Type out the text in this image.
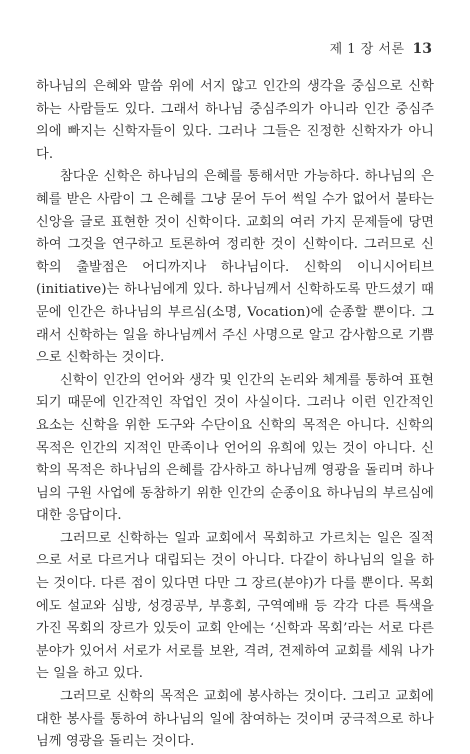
제 1 장 서론 13

하나님의 은혜와 말씀 위에 서지 않고 인간의 생각을 중심으로 신학하는 사람들도 있다. 그래서 하나님 중심주의가 아니라 인간 중심주의에 빠지는 신학자들이 있다. 그러나 그들은 진정한 신학자가 아니다.

참다운 신학은 하나님의 은혜를 통해서만 가능하다. 하나님의 은혜를 받은 사람이 그 은혜를 그냥 묻어 두어 썩일 수가 없어서 불타는 신앙을 글로 표현한 것이 신학이다. 교회의 여러 가지 문제들에 당면하여 그것을 연구하고 토론하여 정리한 것이 신학이다. 그러므로 신학의 출발점은 어디까지나 하나님이다. 신학의 이니시어티브(initiative)는 하나님에게 있다. 하나님께서 신학하도록 만드셨기 때문에 인간은 하나님의 부르심(소명, Vocation)에 순종할 뿐이다. 그래서 신학하는 일을 하나님께서 주신 사명으로 알고 감사함으로 기쁨으로 신학하는 것이다.

신학이 인간의 언어와 생각 및 인간의 논리와 체계를 통하여 표현되기 때문에 인간적인 작업인 것이 사실이다. 그러나 이런 인간적인 요소는 신학을 위한 도구와 수단이요 신학의 목적은 아니다. 신학의 목적은 인간의 지적인 만족이나 언어의 유희에 있는 것이 아니다. 신학의 목적은 하나님의 은혜를 감사하고 하나님께 영광을 돌리며 하나님의 구원 사업에 동참하기 위한 인간의 순종이요 하나님의 부르심에 대한 응답이다.

그러므로 신학하는 일과 교회에서 목회하고 가르치는 일은 질적으로 서로 다르거나 대립되는 것이 아니다. 다같이 하나님의 일을 하는 것이다. 다른 점이 있다면 다만 그 장르(분야)가 다를 뿐이다. 목회에도 설교와 심방, 성경공부, 부흥회, 구역예배 등 각각 다른 특색을 가진 목회의 장르가 있듯이 교회 안에는 ‘신학과 목회’라는 서로 다른 분야가 있어서 서로가 서로를 보완, 격려, 견제하여 교회를 세워 나가는 일을 하고 있다.

그러므로 신학의 목적은 교회에 봉사하는 것이다. 그리고 교회에 대한 봉사를 통하여 하나님의 일에 참여하는 것이며 궁극적으로 하나님께 영광을 돌리는 것이다.
